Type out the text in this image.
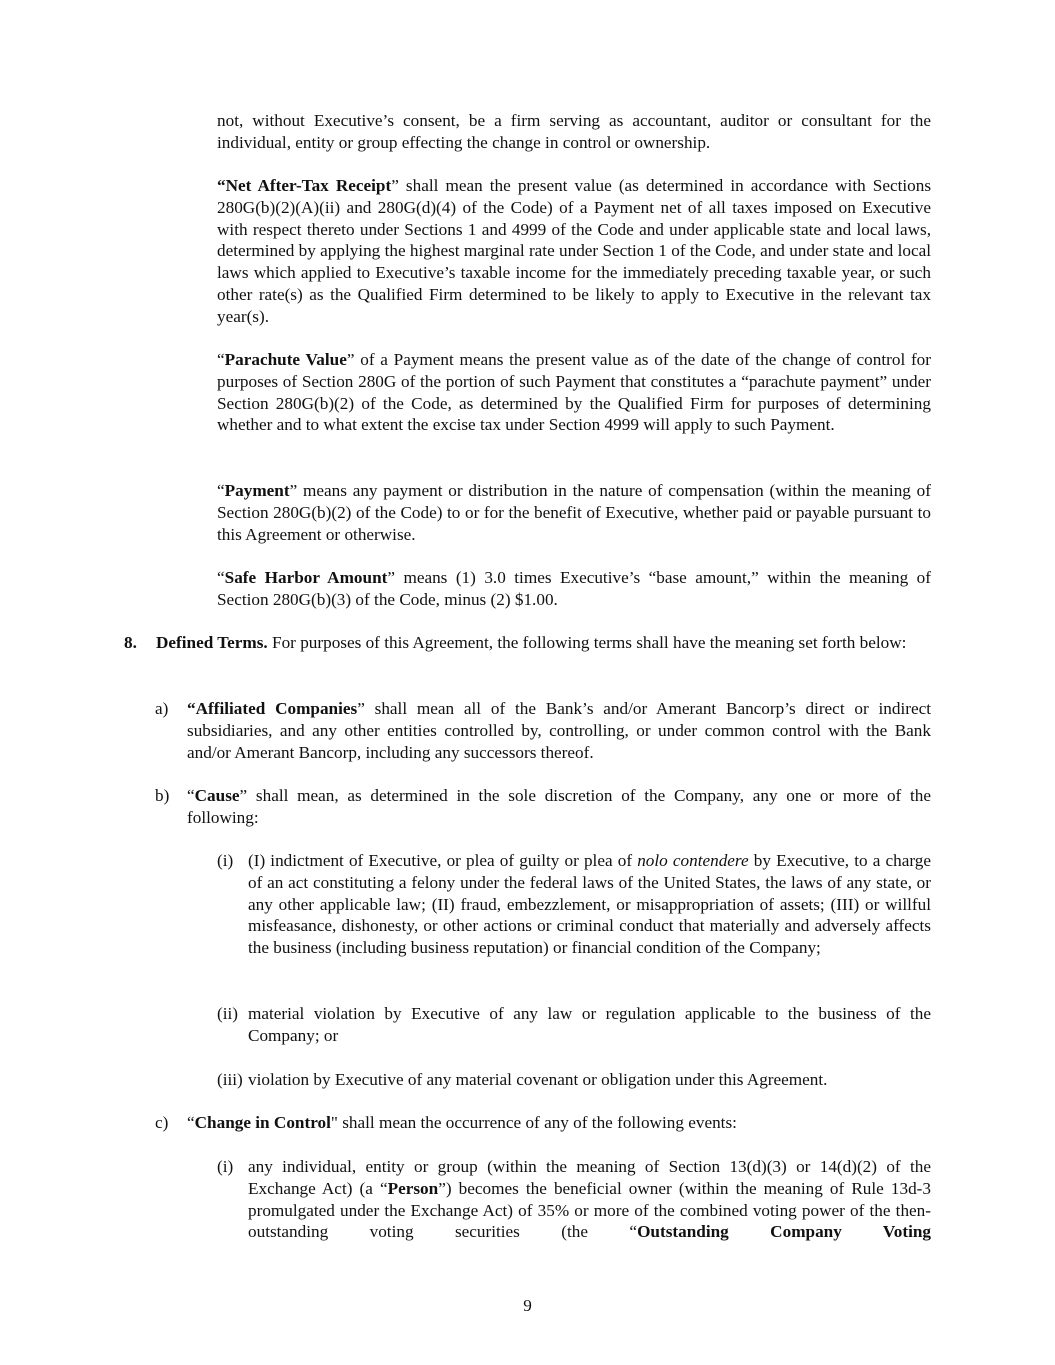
not, without Executive’s consent, be a firm serving as accountant, auditor or consultant for the individual, entity or group effecting the change in control or ownership.

“Net After-Tax Receipt” shall mean the present value (as determined in accordance with Sections 280G(b)(2)(A)(ii) and 280G(d)(4) of the Code) of a Payment net of all taxes imposed on Executive with respect thereto under Sections 1 and 4999 of the Code and under applicable state and local laws, determined by applying the highest marginal rate under Section 1 of the Code, and under state and local laws which applied to Executive’s taxable income for the immediately preceding taxable year, or such other rate(s) as the Qualified Firm determined to be likely to apply to Executive in the relevant tax year(s).

“Parachute Value” of a Payment means the present value as of the date of the change of control for purposes of Section 280G of the portion of such Payment that constitutes a “parachute payment” under Section 280G(b)(2) of the Code, as determined by the Qualified Firm for purposes of determining whether and to what extent the excise tax under Section 4999 will apply to such Payment.

“Payment” means any payment or distribution in the nature of compensation (within the meaning of Section 280G(b)(2) of the Code) to or for the benefit of Executive, whether paid or payable pursuant to this Agreement or otherwise.

“Safe Harbor Amount” means (1) 3.0 times Executive’s “base amount,” within the meaning of Section 280G(b)(3) of the Code, minus (2) $1.00.

8.	Defined Terms. For purposes of this Agreement, the following terms shall have the meaning set forth below:
a)	“Affiliated Companies” shall mean all of the Bank’s and/or Amerant Bancorp’s direct or indirect subsidiaries, and any other entities controlled by, controlling, or under common control with the Bank and/or Amerant Bancorp, including any successors thereof.
b)	“Cause” shall mean, as determined in the sole discretion of the Company, any one or more of the following:
(i) (I) indictment of Executive, or plea of guilty or plea of nolo contendere by Executive, to a charge of an act constituting a felony under the federal laws of the United States, the laws of any state, or any other applicable law; (II) fraud, embezzlement, or misappropriation of assets; (III) or willful misfeasance, dishonesty, or other actions or criminal conduct that materially and adversely affects the business (including business reputation) or financial condition of the Company;
(ii) material violation by Executive of any law or regulation applicable to the business of the Company; or
(iii) violation by Executive of any material covenant or obligation under this Agreement.
c)	“Change in Control" shall mean the occurrence of any of the following events:
(i) any individual, entity or group (within the meaning of Section 13(d)(3) or 14(d)(2) of the Exchange Act) (a “Person”) becomes the beneficial owner (within the meaning of Rule 13d-3 promulgated under the Exchange Act) of 35% or more of the combined voting power of the then-outstanding voting securities (the “Outstanding Company Voting
9
